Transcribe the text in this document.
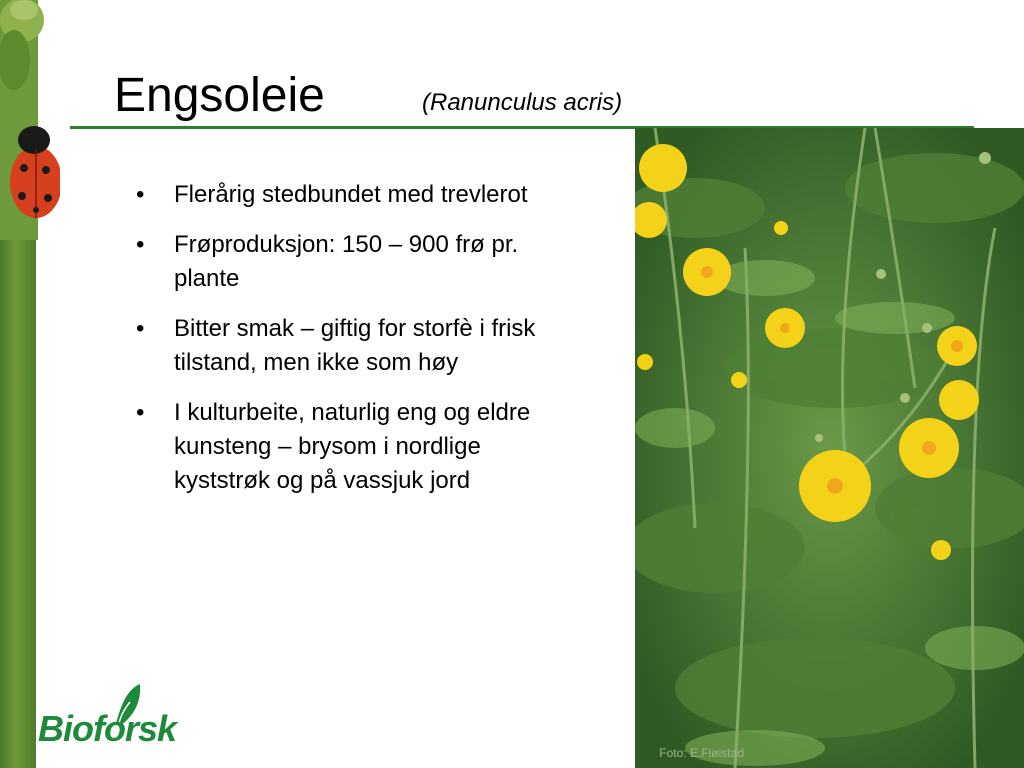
Engsoleie	(Ranunculus acris)
• Flerårig stedbundet med trevlerot
• Frøproduksjon: 150 – 900 frø pr. plante
• Bitter smak – giftig for storfè i frisk tilstand, men ikke som høy
• I kulturbeite, naturlig eng og eldre kunsteng – brysom i nordlige kyststrøk og på vassjuk jord
Foto: E.Fløistad
Bioforsk
